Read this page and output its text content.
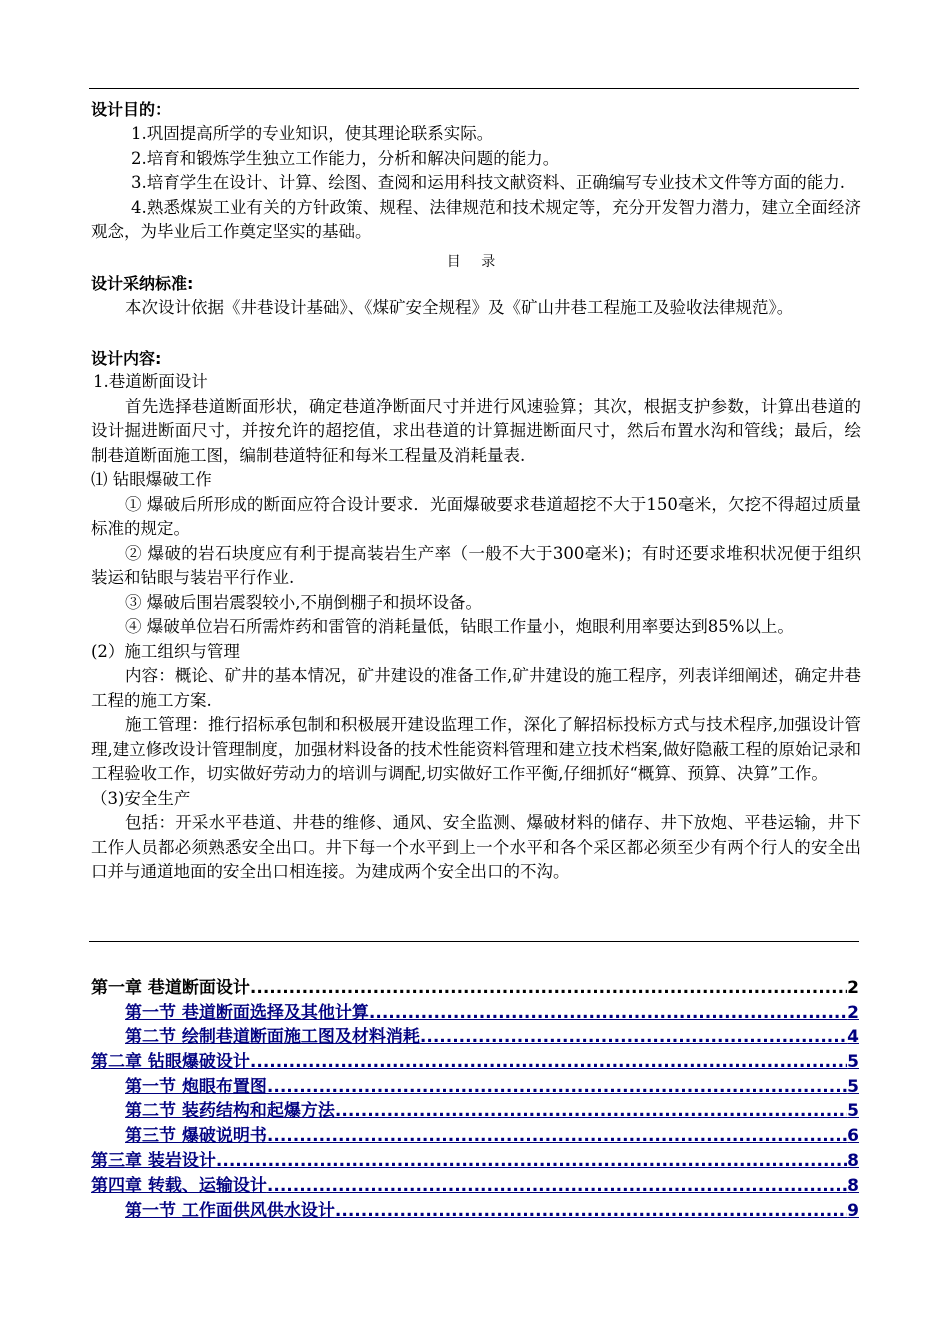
设计目的：
1.巩固提高所学的专业知识，使其理论联系实际。
2.培育和锻炼学生独立工作能力，分析和解决问题的能力。
3.培育学生在设计、计算、绘图、查阅和运用科技文献资料、正确编写专业技术文件等方面的能力.
4.熟悉煤炭工业有关的方针政策、规程、法律规范和技术规定等，充分开发智力潜力，建立全面经济观念，为毕业后工作奠定坚实的基础。
设计采纳标准:
本次设计依据《井巷设计基础》、《煤矿安全规程》及《矿山井巷工程施工及验收法律规范》。
设计内容:
1.巷道断面设计
首先选择巷道断面形状，确定巷道净断面尺寸并进行风速验算；其次，根据支护参数，计算出巷道的设计掘进断面尺寸，并按允许的超挖值，求出巷道的计算掘进断面尺寸，然后布置水沟和管线；最后，绘制巷道断面施工图，编制巷道特征和每米工程量及消耗量表.
⑴ 钻眼爆破工作
① 爆破后所形成的断面应符合设计要求．光面爆破要求巷道超挖不大于150毫米，欠挖不得超过质量标准的规定。
② 爆破的岩石块度应有利于提高装岩生产率（一般不大于300毫米)；有时还要求堆积状况便于组织装运和钻眼与装岩平行作业.
③ 爆破后围岩震裂较小,不崩倒棚子和损坏设备。
④ 爆破单位岩石所需炸药和雷管的消耗量低，钻眼工作量小，炮眼利用率要达到85%以上。
(2）施工组织与管理
内容：概论、矿井的基本情况，矿井建设的准备工作,矿井建设的施工程序，列表详细阐述，确定井巷工程的施工方案.
施工管理：推行招标承包制和积极展开建设监理工作，深化了解招标投标方式与技术程序,加强设计管理,建立修改设计管理制度，加强材料设备的技术性能资料管理和建立技术档案,做好隐蔽工程的原始记录和工程验收工作，切实做好劳动力的培训与调配,切实做好工作平衡,仔细抓好“概算、预算、决算”工作。
（3)安全生产
包括：开采水平巷道、井巷的维修、通风、安全监测、爆破材料的储存、井下放炮、平巷运输，井下工作人员都必须熟悉安全出口。井下每一个水平到上一个水平和各个采区都必须至少有两个行人的安全出口并与通道地面的安全出口相连接。为建成两个安全出口的不沟。
目 录
第一章 巷道断面设计 .....	2
第一节 巷道断面选择及其他计算 .....	2
第二节 绘制巷道断面施工图及材料消耗 .....	4
第二章 钻眼爆破设计 .....	5
第一节 炮眼布置图 .....	5
第二节 装药结构和起爆方法 .....	5
第三节 爆破说明书 .....	6
第三章 装岩设计 .....	8
第四章 转载、运输设计 .....	8
第一节 工作面供风供水设计 .....	9
